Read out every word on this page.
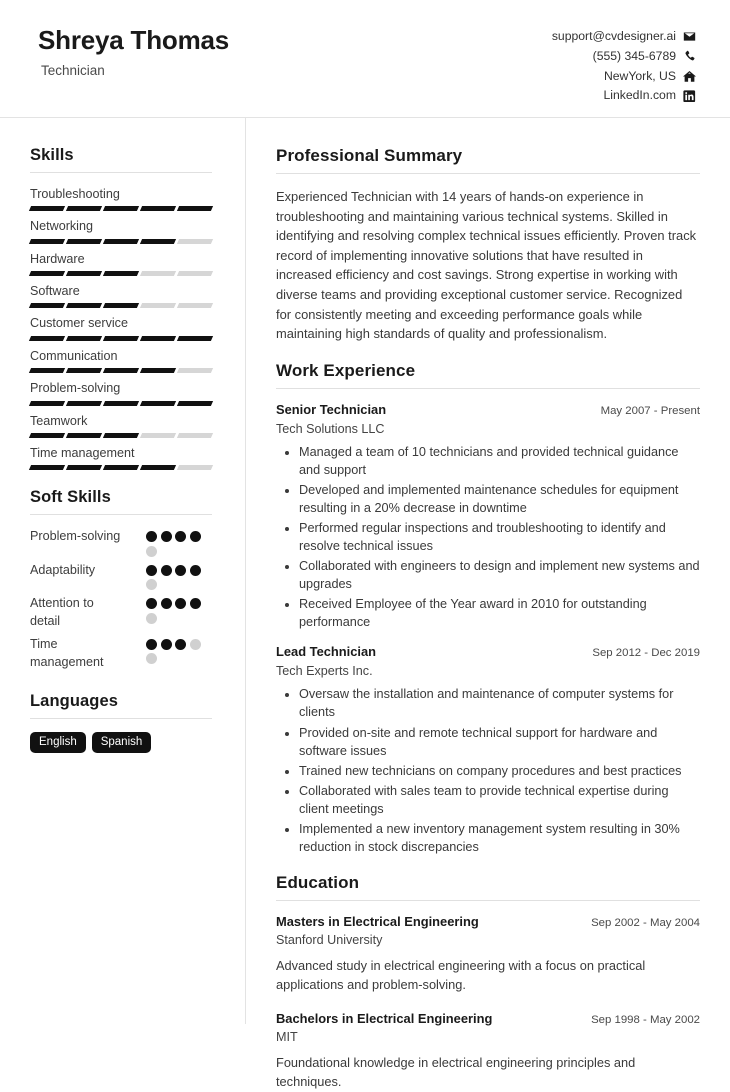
Shreya Thomas
Technician
support@cvdesigner.ai
(555) 345-6789
NewYork, US
LinkedIn.com
Skills
Troubleshooting
Networking
Hardware
Software
Customer service
Communication
Problem-solving
Teamwork
Time management
Soft Skills
Problem-solving
Adaptability
Attention to detail
Time management
Languages
English	Spanish
Professional Summary

Experienced Technician with 14 years of hands-on experience in troubleshooting and maintaining various technical systems. Skilled in identifying and resolving complex technical issues efficiently. Proven track record of implementing innovative solutions that have resulted in increased efficiency and cost savings. Strong expertise in working with diverse teams and providing exceptional customer service. Recognized for consistently meeting and exceeding performance goals while maintaining high standards of quality and professionalism.

Work Experience
Senior Technician	May 2007 - Present
Tech Solutions LLC
• Managed a team of 10 technicians and provided technical guidance and support
• Developed and implemented maintenance schedules for equipment resulting in a 20% decrease in downtime
• Performed regular inspections and troubleshooting to identify and resolve technical issues
• Collaborated with engineers to design and implement new systems and upgrades
• Received Employee of the Year award in 2010 for outstanding performance
Lead Technician	Sep 2012 - Dec 2019
Tech Experts Inc.
• Oversaw the installation and maintenance of computer systems for clients
• Provided on-site and remote technical support for hardware and software issues
• Trained new technicians on company procedures and best practices
• Collaborated with sales team to provide technical expertise during client meetings
• Implemented a new inventory management system resulting in 30% reduction in stock discrepancies
Education
Masters in Electrical Engineering	Sep 2002 - May 2004
Stanford University

Advanced study in electrical engineering with a focus on practical applications and problem-solving.

Bachelors in Electrical Engineering	Sep 1998 - May 2002
MIT

Foundational knowledge in electrical engineering principles and techniques.
